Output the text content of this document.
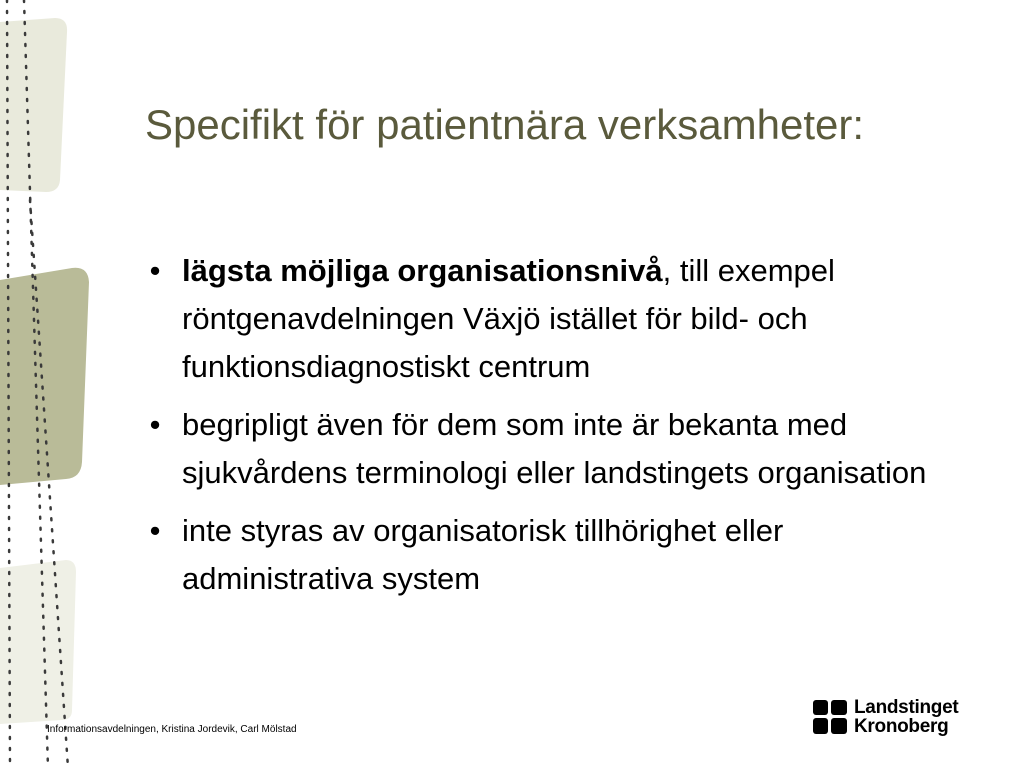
Specifikt för patientnära verksamheter:
• lägsta möjliga organisationsnivå, till exempel röntgenavdelningen Växjö istället för bild- och funktionsdiagnostiskt centrum
• begripligt även för dem som inte är bekanta med sjukvårdens terminologi eller landstingets organisation
• inte styras av organisatorisk tillhörighet eller administrativa system
Informationsavdelningen, Kristina Jordevik, Carl Mölstad
Landstinget
Kronoberg
